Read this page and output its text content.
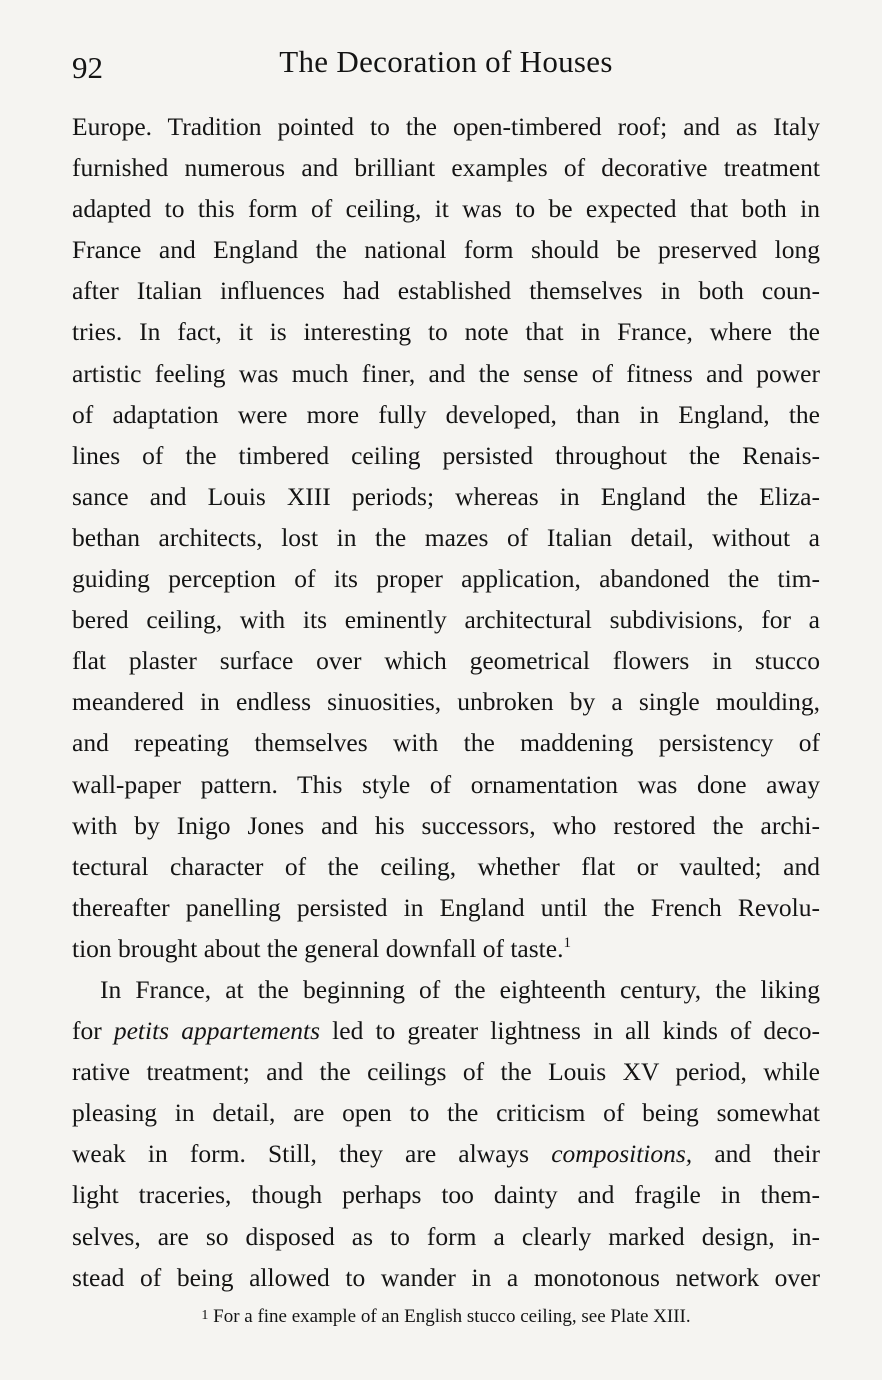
92	The Decoration of Houses
Europe. Tradition pointed to the open-timbered roof; and as Italy
furnished numerous and brilliant examples of decorative treatment
adapted to this form of ceiling, it was to be expected that both in
France and England the national form should be preserved long
after Italian influences had established themselves in both coun-
tries. In fact, it is interesting to note that in France, where the
artistic feeling was much finer, and the sense of fitness and power
of adaptation were more fully developed, than in England, the
lines of the timbered ceiling persisted throughout the Renais-
sance and Louis XIII periods; whereas in England the Eliza-
bethan architects, lost in the mazes of Italian detail, without a
guiding perception of its proper application, abandoned the tim-
bered ceiling, with its eminently architectural subdivisions, for a
flat plaster surface over which geometrical flowers in stucco
meandered in endless sinuosities, unbroken by a single moulding,
and repeating themselves with the maddening persistency of
wall-paper pattern. This style of ornamentation was done away
with by Inigo Jones and his successors, who restored the archi-
tectural character of the ceiling, whether flat or vaulted; and
thereafter panelling persisted in England until the French Revolu-
tion brought about the general downfall of taste.$^1$
In France, at the beginning of the eighteenth century, the liking
for petits appartements led to greater lightness in all kinds of deco-
rative treatment; and the ceilings of the Louis XV period, while
pleasing in detail, are open to the criticism of being somewhat
weak in form. Still, they are always compositions, and their
light traceries, though perhaps too dainty and fragile in them-
selves, are so disposed as to form a clearly marked design, in-
stead of being allowed to wander in a monotonous network over
$^1$ For a fine example of an English stucco ceiling, see Plate XIII.
